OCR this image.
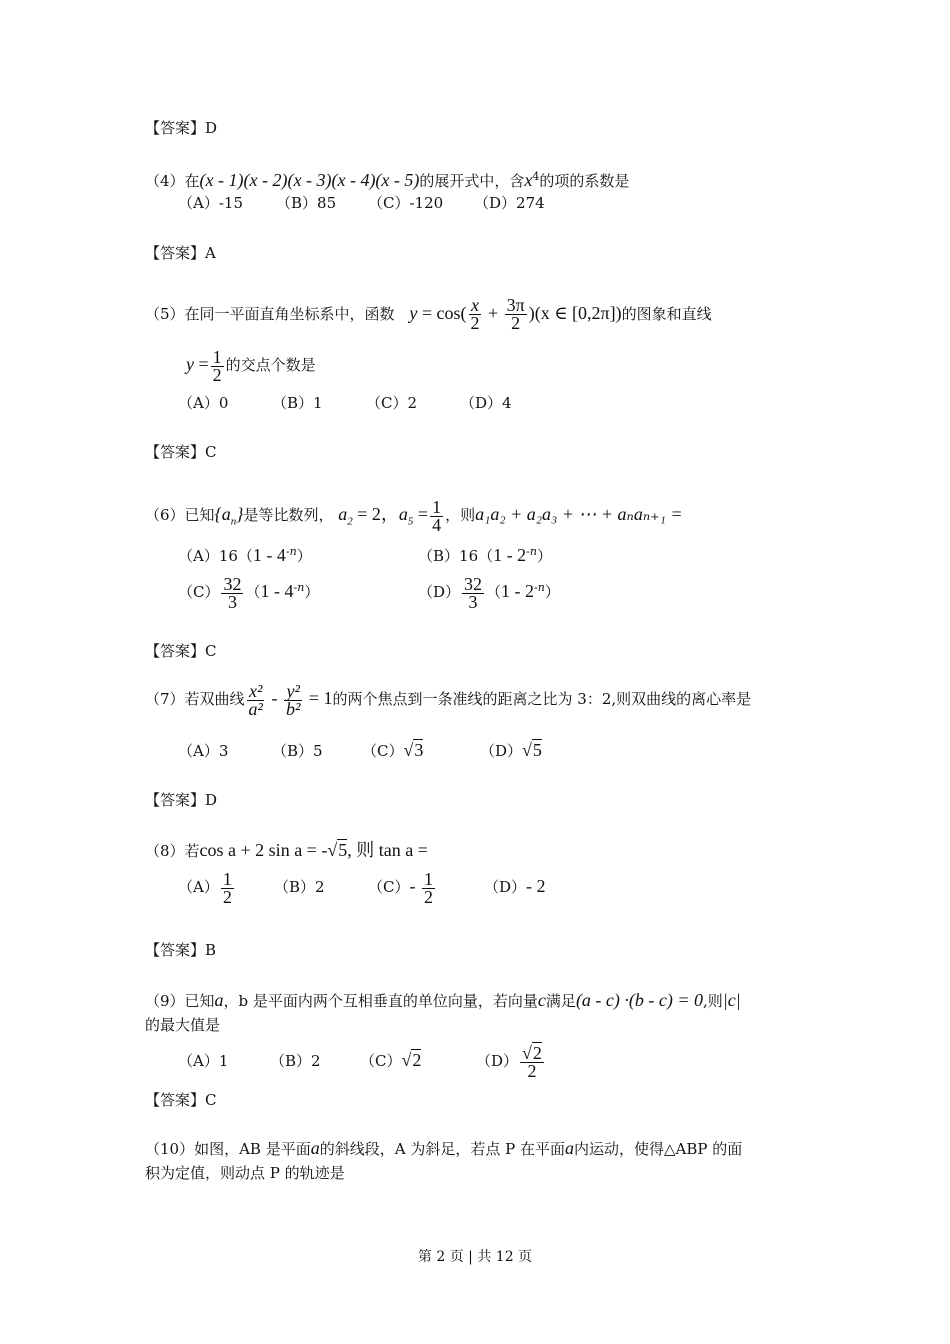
【答案】D
（4）在(x - 1)(x - 2)(x - 3)(x - 4)(x - 5)的展开式中，含$x^4$的项的系数是
（A）-15 （B）85 （C）-120 （D）274
【答案】A
（5）在同一平面直角坐标系中，函数 $y = \cos( \frac{x}{2} + \frac{3\pi}{2} )(x$ ∈ [0,2π])的图象和直线
$y = \frac{1}{2}$ 的交点个数是
（A）0	（B）1	（C）2	（D）4
【答案】C
（6）已知$\{a_n\}$是等比数列， $a_2 = 2$，$a_5 = \frac{1}{4}$ ，则a₁a₂ + a₂a₃ + ⋯ + aₙaₙ₊₁ =
$(A)16(1 - 4^{-n})$	$(B)16(1 - 2^{-n})$
$(C) \frac{32}{3} (1 - 4^{-n})$	$(D) \frac{32}{3} (1 - 2^{-n})$
【答案】C
（7）若双曲线 $\frac{\text{x²}}{\text{a²}} - \frac{\text{y²}}{\text{b²}} = 1$的两个焦点到一条准线的距离之比为 3：2,则双曲线的离心率是
（A）3	（B）5	（C）√3	（D）√5
【答案】D
（8）若cos a + 2 sin a = -√5, 则 tan a =
$(A) \frac{1}{2}$	（B）2	$(C)- \frac{1}{2}$	（D）- 2
【答案】B
（9）已知a，b 是平面内两个互相垂直的单位向量，若向量c满足(a - c) ·(b - c) = 0,则|c|
的最大值是
（A）1	（B）2	（C）√2	$(D) \frac{√2}{2}$
【答案】C
（10）如图，AB 是平面a的斜线段，A 为斜足，若点 P 在平面a内运动，使得△ABP 的面
积为定值，则动点 P 的轨迹是
第 2 页 | 共 12 页
